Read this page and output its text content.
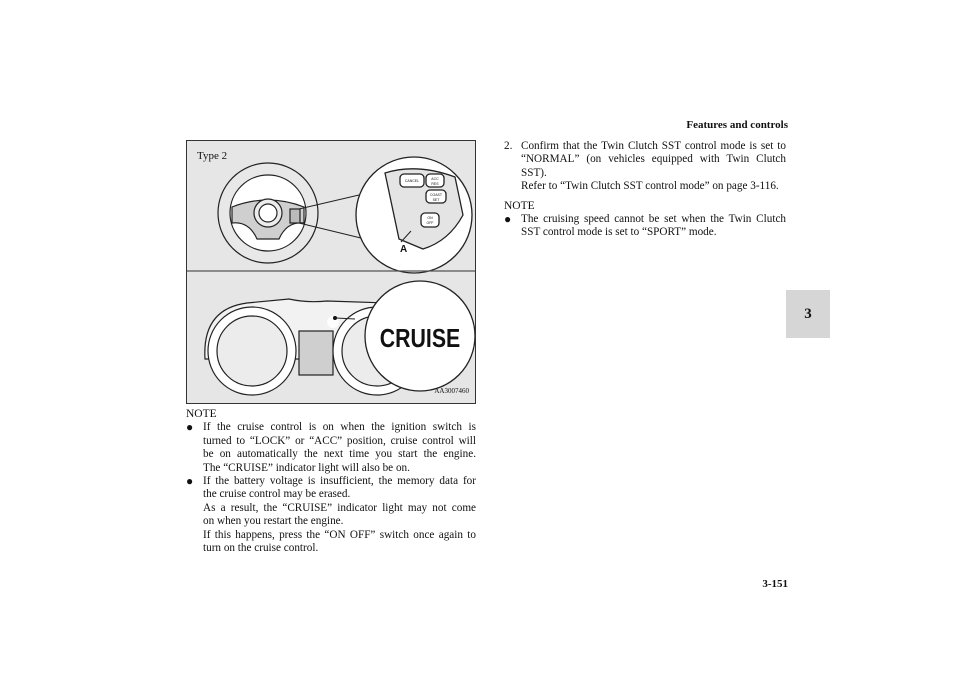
Features and controls
3
CANCEL	ACC
RES
COAST
SET
ON
OFF
A
CRUISE
Type 2
AA3007460
NOTE
● If the cruise control is on when the ignition switch is
turned to “LOCK” or “ACC” position, cruise control will
be on automatically the next time you start the engine.
The “CRUISE” indicator light will also be on.
● If the battery voltage is insufficient, the memory data for
the cruise control may be erased.
As a result, the “CRUISE” indicator light may not come
on when you restart the engine.
If this happens, press the “ON OFF” switch once again to
turn on the cruise control.
2. Confirm that the Twin Clutch SST control mode is set to
“NORMAL” (on vehicles equipped with Twin Clutch
SST).
Refer to “Twin Clutch SST control mode” on page 3-116.
NOTE
● The cruising speed cannot be set when the Twin Clutch
SST control mode is set to “SPORT” mode.
3-151
